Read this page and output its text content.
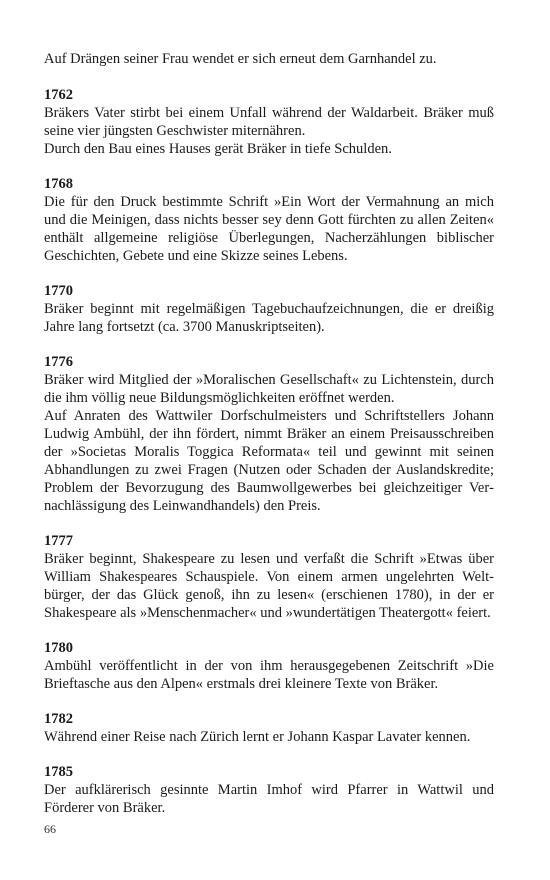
Auf Drängen seiner Frau wendet er sich erneut dem Garnhandel zu.

1762

Bräkers Vater stirbt bei einem Unfall während der Waldarbeit. Bräker muß seine vier jüngsten Geschwister miternähren.

Durch den Bau eines Hauses gerät Bräker in tiefe Schulden.

1768

Die für den Druck bestimmte Schrift »Ein Wort der Vermahnung an mich und die Meinigen, dass nichts besser sey denn Gott fürchten zu allen Zeiten« enthält allgemeine religiöse Überlegungen, Nacherzählungen biblischer Geschichten, Gebete und eine Skizze seines Lebens.

1770

Bräker beginnt mit regelmäßigen Tagebuchaufzeichnungen, die er dreißig Jahre lang fortsetzt (ca. 3700 Manuskriptseiten).

1776

Bräker wird Mitglied der »Moralischen Gesellschaft« zu Lichtenstein, durch die ihm völlig neue Bildungsmöglichkeiten eröffnet werden.

Auf Anraten des Wattwiler Dorfschulmeisters und Schriftstellers Johann Ludwig Ambühl, der ihn fördert, nimmt Bräker an einem Preisausschreiben der »Societas Moralis Toggica Reformata« teil und gewinnt mit seinen Abhandlungen zu zwei Fragen (Nutzen oder Schaden der Auslandskredite; Problem der Bevorzugung des Baumwollgewerbes bei gleichzeitiger Vernachlässigung des Leinwandhandels) den Preis.

1777

Bräker beginnt, Shakespeare zu lesen und verfaßt die Schrift »Etwas über William Shakespeares Schauspiele. Von einem armen ungelehrten Weltbürger, der das Glück genoß, ihn zu lesen« (erschienen 1780), in der er Shakespeare als »Menschenmacher« und »wundertätigen Theatergott« feiert.

1780

Ambühl veröffentlicht in der von ihm herausgegebenen Zeitschrift »Die Brieftasche aus den Alpen« erstmals drei kleinere Texte von Bräker.

1782

Während einer Reise nach Zürich lernt er Johann Kaspar Lavater kennen.

1785

Der aufklärerisch gesinnte Martin Imhof wird Pfarrer in Wattwil und Förderer von Bräker.

66
